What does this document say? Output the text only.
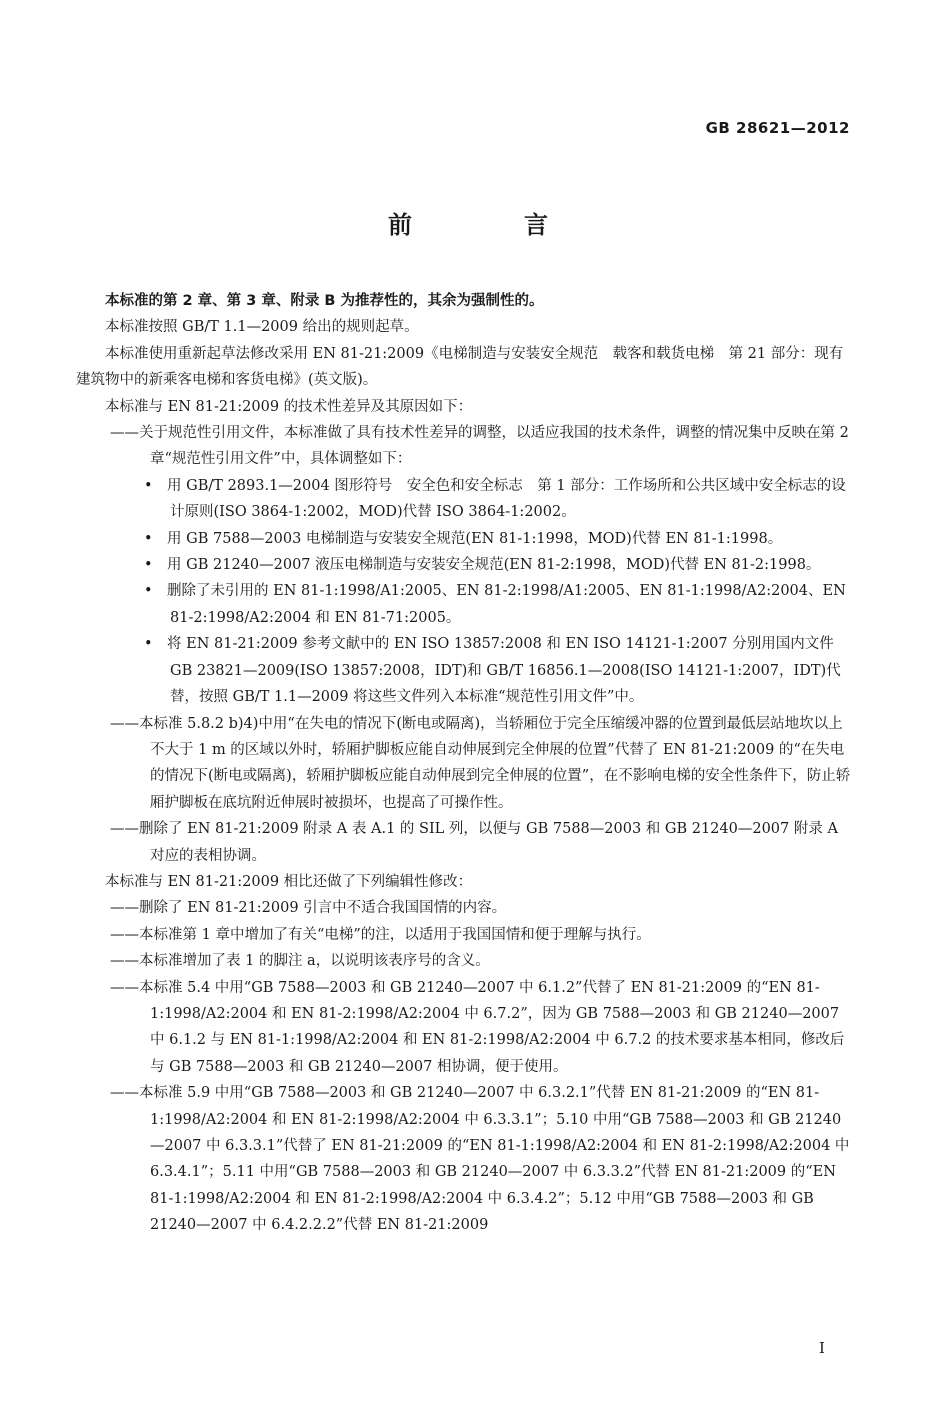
GB 28621—2012
前　言

本标准的第 2 章、第 3 章、附录 B 为推荐性的，其余为强制性的。

本标准按照 GB/T 1.1—2009 给出的规则起草。

本标准使用重新起草法修改采用 EN 81-21:2009《电梯制造与安装安全规范　载客和载货电梯　第 21 部分：现有建筑物中的新乘客电梯和客货电梯》(英文版)。

本标准与 EN 81-21:2009 的技术性差异及其原因如下：

——关于规范性引用文件，本标准做了具有技术性差异的调整，以适应我国的技术条件，调整的情况集中反映在第 2 章“规范性引用文件”中，具体调整如下：

•　用 GB/T 2893.1—2004 图形符号　安全色和安全标志　第 1 部分：工作场所和公共区域中安全标志的设计原则(ISO 3864-1:2002，MOD)代替 ISO 3864-1:2002。

•　用 GB 7588—2003 电梯制造与安装安全规范(EN 81-1:1998，MOD)代替 EN 81-1:1998。

•　用 GB 21240—2007 液压电梯制造与安装安全规范(EN 81-2:1998，MOD)代替 EN 81-2:1998。

•　删除了未引用的 EN 81-1:1998/A1:2005、EN 81-2:1998/A1:2005、EN 81-1:1998/A2:2004、EN 81-2:1998/A2:2004 和 EN 81-71:2005。

•　将 EN 81-21:2009 参考文献中的 EN ISO 13857:2008 和 EN ISO 14121-1:2007 分别用国内文件 GB 23821—2009(ISO 13857:2008，IDT)和 GB/T 16856.1—2008(ISO 14121-1:2007，IDT)代替，按照 GB/T 1.1—2009 将这些文件列入本标准“规范性引用文件”中。

——本标准 5.8.2 b)4)中用“在失电的情况下(断电或隔离)，当轿厢位于完全压缩缓冲器的位置到最低层站地坎以上不大于 1 m 的区域以外时，轿厢护脚板应能自动伸展到完全伸展的位置”代替了 EN 81-21:2009 的“在失电的情况下(断电或隔离)，轿厢护脚板应能自动伸展到完全伸展的位置”，在不影响电梯的安全性条件下，防止轿厢护脚板在底坑附近伸展时被损坏，也提高了可操作性。

——删除了 EN 81-21:2009 附录 A 表 A.1 的 SIL 列，以便与 GB 7588—2003 和 GB 21240—2007 附录 A 对应的表相协调。

本标准与 EN 81-21:2009 相比还做了下列编辑性修改：

——删除了 EN 81-21:2009 引言中不适合我国国情的内容。

——本标准第 1 章中增加了有关“电梯”的注，以适用于我国国情和便于理解与执行。

——本标准增加了表 1 的脚注 a，以说明该表序号的含义。

——本标准 5.4 中用“GB 7588—2003 和 GB 21240—2007 中 6.1.2”代替了 EN 81-21:2009 的“EN 81-1:1998/A2:2004 和 EN 81-2:1998/A2:2004 中 6.7.2”，因为 GB 7588—2003 和 GB 21240—2007 中 6.1.2 与 EN 81-1:1998/A2:2004 和 EN 81-2:1998/A2:2004 中 6.7.2 的技术要求基本相同，修改后与 GB 7588—2003 和 GB 21240—2007 相协调，便于使用。

——本标准 5.9 中用“GB 7588—2003 和 GB 21240—2007 中 6.3.2.1”代替 EN 81-21:2009 的“EN 81-1:1998/A2:2004 和 EN 81-2:1998/A2:2004 中 6.3.3.1”；5.10 中用“GB 7588—2003 和 GB 21240—2007 中 6.3.3.1”代替了 EN 81-21:2009 的“EN 81-1:1998/A2:2004 和 EN 81-2:1998/A2:2004 中 6.3.4.1”；5.11 中用“GB 7588—2003 和 GB 21240—2007 中 6.3.3.2”代替 EN 81-21:2009 的“EN 81-1:1998/A2:2004 和 EN 81-2:1998/A2:2004 中 6.3.4.2”；5.12 中用“GB 7588—2003 和 GB 21240—2007 中 6.4.2.2.2”代替 EN 81-21:2009

I
